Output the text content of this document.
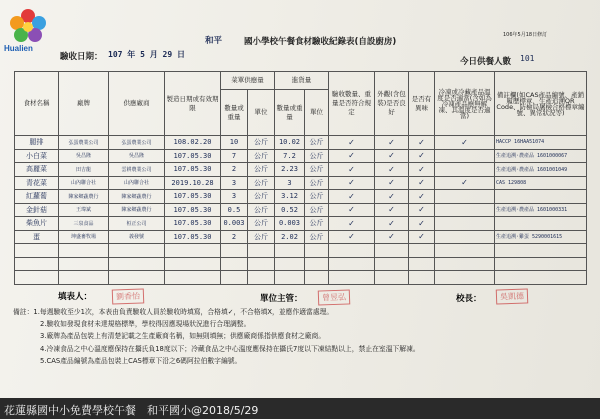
Hualien
106年5月18日修訂
和平	國小學校午餐食材驗收紀錄表(自設廚房)
驗收日期： 107 年 5 月 29 日
今日供餐人數 101
食材名稱	廠牌	供應廠商	製造日期或有效期限	菜單供應量		進貨量		驗收數量、重量是否符合規定	外觀(含包裝)是否良好	是否有異味	冷凍或冷藏產品溫度是否適當(含如為冷凍產品應無解凍、其溫度是否適當)	備註欄(如CAS產品編號、產銷履歷標章、生產追溯QR Code、防檢局屠檢合格標章編號、異常狀況等)
				數量或重量	單位	數量或重量	單位					
腿排	弘蛋農業公司	弘蛋農業公司	108.02.20	10	公斤	10.02	公斤	✓	✓	✓	✓	HACCP 16HAA51074
小白菜	吳昌隆	吳昌隆	107.05.30	7	公斤	7.2	公斤	✓	✓	✓		生產追溯·農產品 1601000067
高麗菜	田吉龍	雲耕農業公司	107.05.30	2	公斤	2.23	公斤	✓	✓	✓		生產追溯·農產品 1601001049
青花菜	山內聯合社	山內聯合社	2019.10.28	3	公斤	3	公斤	✓	✓	✓	✓	CAS 129808
紅蘿蔔	陳家鄉蔬農行	陳家鄉蔬農行	107.05.30	3	公斤	3.12	公斤	✓	✓	✓		
金針菇	王瑋斌	陳家鄉蔬農行	107.05.30	0.5	公斤	0.52	公斤	✓	✓	✓		生產追溯·農產品 1601000331
柴魚片	三泉食品	桓正公司	107.05.30	0.003	公斤	0.003	公斤	✓	✓	✓		
蛋	坤盛畜牧場	義發號	107.05.30	2	公斤	2.02	公斤	✓	✓	✓		生產追溯·雞蛋 5290001615

填表人：	劉香怡	單位主管：	曾昱弘	校長：	吳凱德
備註：1.每週驗收至少1次，本表由負責驗收人員於驗收時填寫，合格填✓，不合格填X，並應作適當處理。
2.驗收如發現食材未達規格標準，學校得因應現場狀況進行合理調整。
3.廠牌為產品包裝上有清楚記載之生產廠商名稱，如無則填無；供應廠商係指供應食材之廠商。
4.冷凍食品之中心溫度應保持在攝氏負18度以下；冷藏食品之中心溫度應保持在攝氏7度以下凍結點以上，禁止在室溫下解凍。
5.CAS產品編號為產品包裝上CAS標章下沿之6碼阿拉伯數字編號。
花蓮縣國中小免費學校午餐　和平國小@2018/5/29
